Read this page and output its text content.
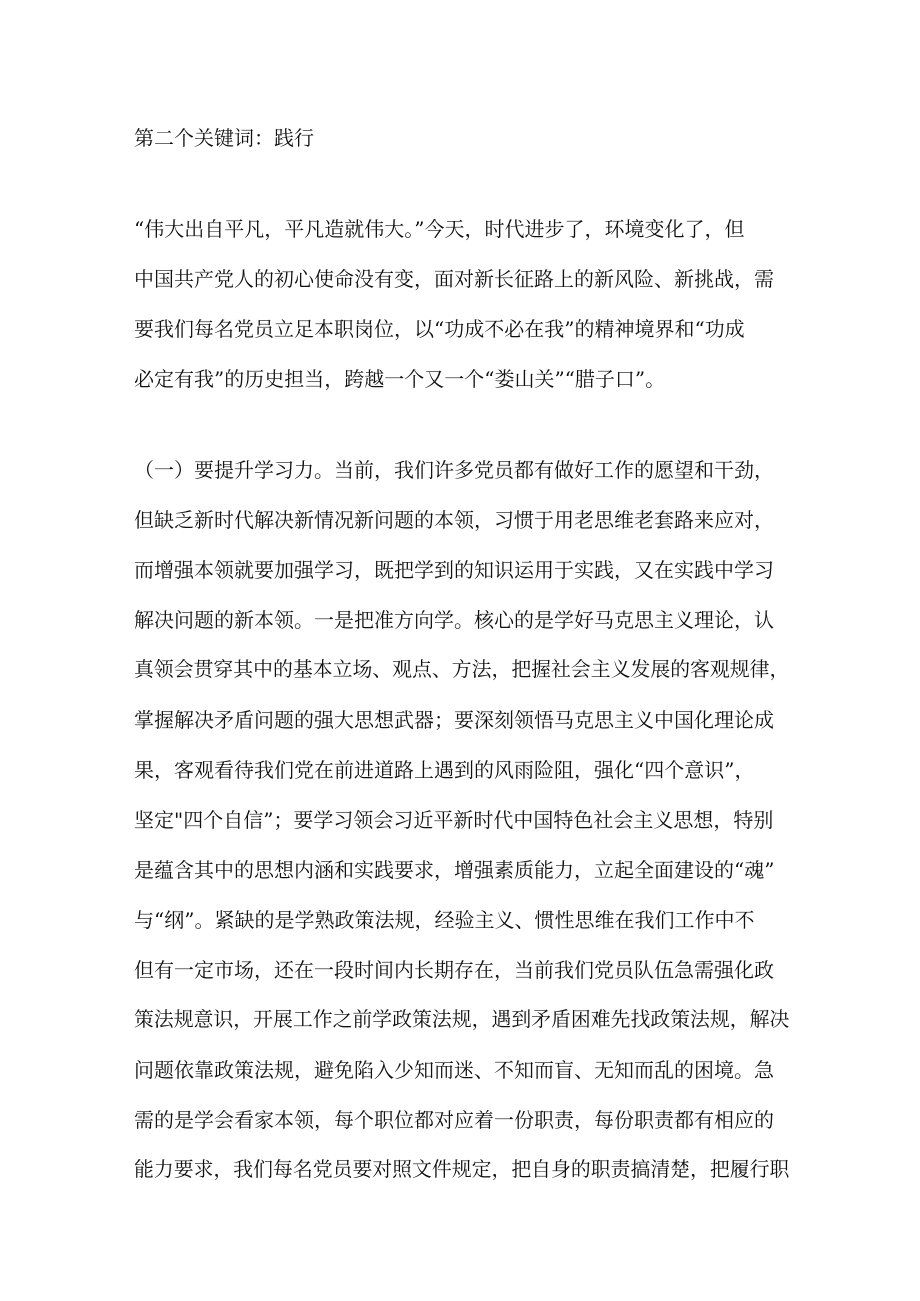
第二个关键词：践行
“伟大出自平凡，平凡造就伟大。”今天，时代进步了，环境变化了，但
中国共产党人的初心使命没有变，面对新长征路上的新风险、新挑战，需
要我们每名党员立足本职岗位，以“功成不必在我”的精神境界和“功成
必定有我”的历史担当，跨越一个又一个“娄山关”“腊子口”。
（一）要提升学习力。当前，我们许多党员都有做好工作的愿望和干劲，
但缺乏新时代解决新情况新问题的本领，习惯于用老思维老套路来应对，
而增强本领就要加强学习，既把学到的知识运用于实践，又在实践中学习
解决问题的新本领。一是把准方向学。核心的是学好马克思主义理论，认
真领会贯穿其中的基本立场、观点、方法，把握社会主义发展的客观规律，
掌握解决矛盾问题的强大思想武器；要深刻领悟马克思主义中国化理论成
果，客观看待我们党在前进道路上遇到的风雨险阻，强化“四个意识”，
坚定"四个自信”；要学习领会习近平新时代中国特色社会主义思想，特别
是蕴含其中的思想内涵和实践要求，增强素质能力，立起全面建设的“魂”
与“纲”。紧缺的是学熟政策法规，经验主义、惯性思维在我们工作中不
但有一定市场，还在一段时间内长期存在，当前我们党员队伍急需强化政
策法规意识，开展工作之前学政策法规，遇到矛盾困难先找政策法规，解决
问题依靠政策法规，避免陷入少知而迷、不知而盲、无知而乱的困境。急
需的是学会看家本领，每个职位都对应着一份职责，每份职责都有相应的
能力要求，我们每名党员要对照文件规定，把自身的职责搞清楚，把履行职
